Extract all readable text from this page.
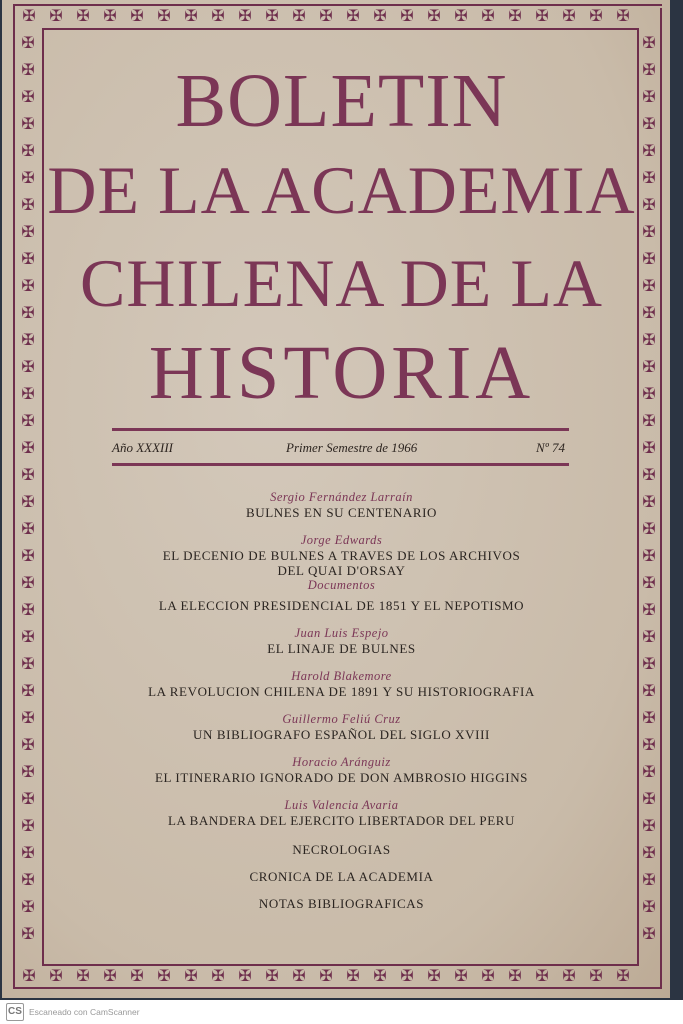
✠ ✠ ✠ ✠ ✠ ✠ ✠ ✠ ✠ ✠ ✠ ✠ ✠ ✠ ✠ ✠ ✠ ✠ ✠ ✠ ✠ ✠ ✠
✠ ✠ ✠ ✠ ✠ ✠ ✠ ✠ ✠ ✠ ✠ ✠ ✠ ✠ ✠ ✠ ✠ ✠ ✠ ✠ ✠ ✠ ✠
✠	✠
✠	✠
✠	✠
✠	✠
✠	✠
✠	✠
✠	✠
✠	✠
✠	✠
✠	✠
✠	✠
✠	✠
✠	✠
✠	✠
✠	✠
✠	✠
✠	✠
✠	✠
✠	✠
✠	✠
✠	✠
✠	✠
✠	✠
✠	✠
✠	✠
✠	✠
✠	✠
✠	✠
✠	✠
✠	✠
✠	✠
✠	✠
✠	✠
✠	✠
BOLETIN
DE LA ACADEMIA
CHILENA DE LA
HISTORIA
Año XXXIII	Primer Semestre de 1966	Nº 74
Sergio Fernández Larraín
BULNES EN SU CENTENARIO
Jorge Edwards
EL DECENIO DE BULNES A TRAVES DE LOS ARCHIVOS
DEL QUAI D'ORSAY
Documentos
LA ELECCION PRESIDENCIAL DE 1851 Y EL NEPOTISMO
Juan Luis Espejo
EL LINAJE DE BULNES
Harold Blakemore
LA REVOLUCION CHILENA DE 1891 Y SU HISTORIOGRAFIA
Guillermo Feliú Cruz
UN BIBLIOGRAFO ESPAÑOL DEL SIGLO XVIII
Horacio Aránguiz
EL ITINERARIO IGNORADO DE DON AMBROSIO HIGGINS
Luis Valencia Avaria
LA BANDERA DEL EJERCITO LIBERTADOR DEL PERU
NECROLOGIAS
CRONICA DE LA ACADEMIA
NOTAS BIBLIOGRAFICAS
CS Escaneado con CamScanner
